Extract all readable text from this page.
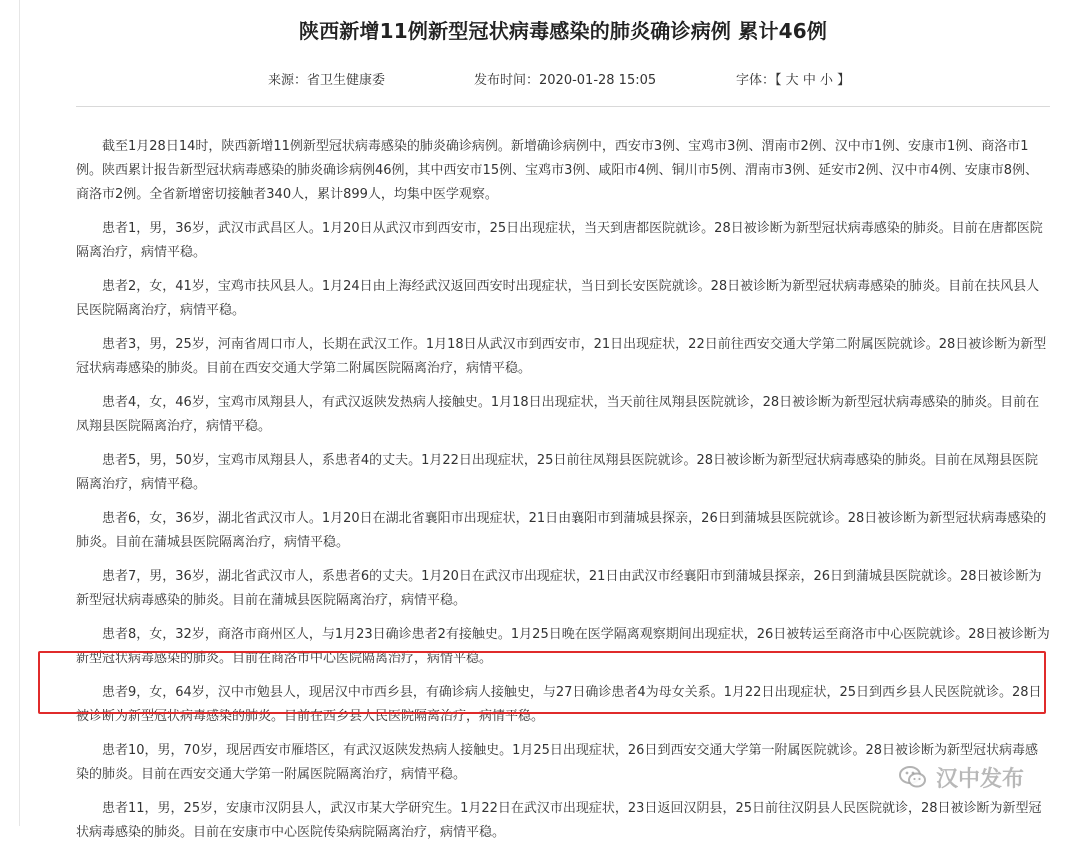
陕西新增11例新型冠状病毒感染的肺炎确诊病例 累计46例
来源：省卫生健康委	发布时间：2020-01-28 15:05	字体：【 大 中 小 】

截至1月28日14时，陕西新增11例新型冠状病毒感染的肺炎确诊病例。新增确诊病例中，西安市3例、宝鸡市3例、渭南市2例、汉中市1例、安康市1例、商洛市1例。陕西累计报告新型冠状病毒感染的肺炎确诊病例46例，其中西安市15例、宝鸡市3例、咸阳市4例、铜川市5例、渭南市3例、延安市2例、汉中市4例、安康市8例、商洛市2例。全省新增密切接触者340人，累计899人，均集中医学观察。

患者1，男，36岁，武汉市武昌区人。1月20日从武汉市到西安市，25日出现症状，当天到唐都医院就诊。28日被诊断为新型冠状病毒感染的肺炎。目前在唐都医院隔离治疗，病情平稳。

患者2，女，41岁，宝鸡市扶风县人。1月24日由上海经武汉返回西安时出现症状，当日到长安医院就诊。28日被诊断为新型冠状病毒感染的肺炎。目前在扶风县人民医院隔离治疗，病情平稳。

患者3，男，25岁，河南省周口市人，长期在武汉工作。1月18日从武汉市到西安市，21日出现症状，22日前往西安交通大学第二附属医院就诊。28日被诊断为新型冠状病毒感染的肺炎。目前在西安交通大学第二附属医院隔离治疗，病情平稳。

患者4，女，46岁，宝鸡市凤翔县人，有武汉返陕发热病人接触史。1月18日出现症状，当天前往凤翔县医院就诊，28日被诊断为新型冠状病毒感染的肺炎。目前在凤翔县医院隔离治疗，病情平稳。

患者5，男，50岁，宝鸡市凤翔县人，系患者4的丈夫。1月22日出现症状，25日前往凤翔县医院就诊。28日被诊断为新型冠状病毒感染的肺炎。目前在凤翔县医院隔离治疗，病情平稳。

患者6，女，36岁，湖北省武汉市人。1月20日在湖北省襄阳市出现症状，21日由襄阳市到蒲城县探亲，26日到蒲城县医院就诊。28日被诊断为新型冠状病毒感染的肺炎。目前在蒲城县医院隔离治疗，病情平稳。

患者7，男，36岁，湖北省武汉市人，系患者6的丈夫。1月20日在武汉市出现症状，21日由武汉市经襄阳市到蒲城县探亲，26日到蒲城县医院就诊。28日被诊断为新型冠状病毒感染的肺炎。目前在蒲城县医院隔离治疗，病情平稳。

患者8，女，32岁，商洛市商州区人，与1月23日确诊患者2有接触史。1月25日晚在医学隔离观察期间出现症状，26日被转运至商洛市中心医院就诊。28日被诊断为新型冠状病毒感染的肺炎。目前在商洛市中心医院隔离治疗，病情平稳。

患者9，女，64岁，汉中市勉县人，现居汉中市西乡县，有确诊病人接触史，与27日确诊患者4为母女关系。1月22日出现症状，25日到西乡县人民医院就诊。28日被诊断为新型冠状病毒感染的肺炎。目前在西乡县人民医院隔离治疗，病情平稳。

患者10，男，70岁，现居西安市雁塔区，有武汉返陕发热病人接触史。1月25日出现症状，26日到西安交通大学第一附属医院就诊。28日被诊断为新型冠状病毒感染的肺炎。目前在西安交通大学第一附属医院隔离治疗，病情平稳。

患者11，男，25岁，安康市汉阴县人，武汉市某大学研究生。1月22日在武汉市出现症状，23日返回汉阴县，25日前往汉阴县人民医院就诊，28日被诊断为新型冠状病毒感染的肺炎。目前在安康市中心医院传染病院隔离治疗，病情平稳。

汉中发布
